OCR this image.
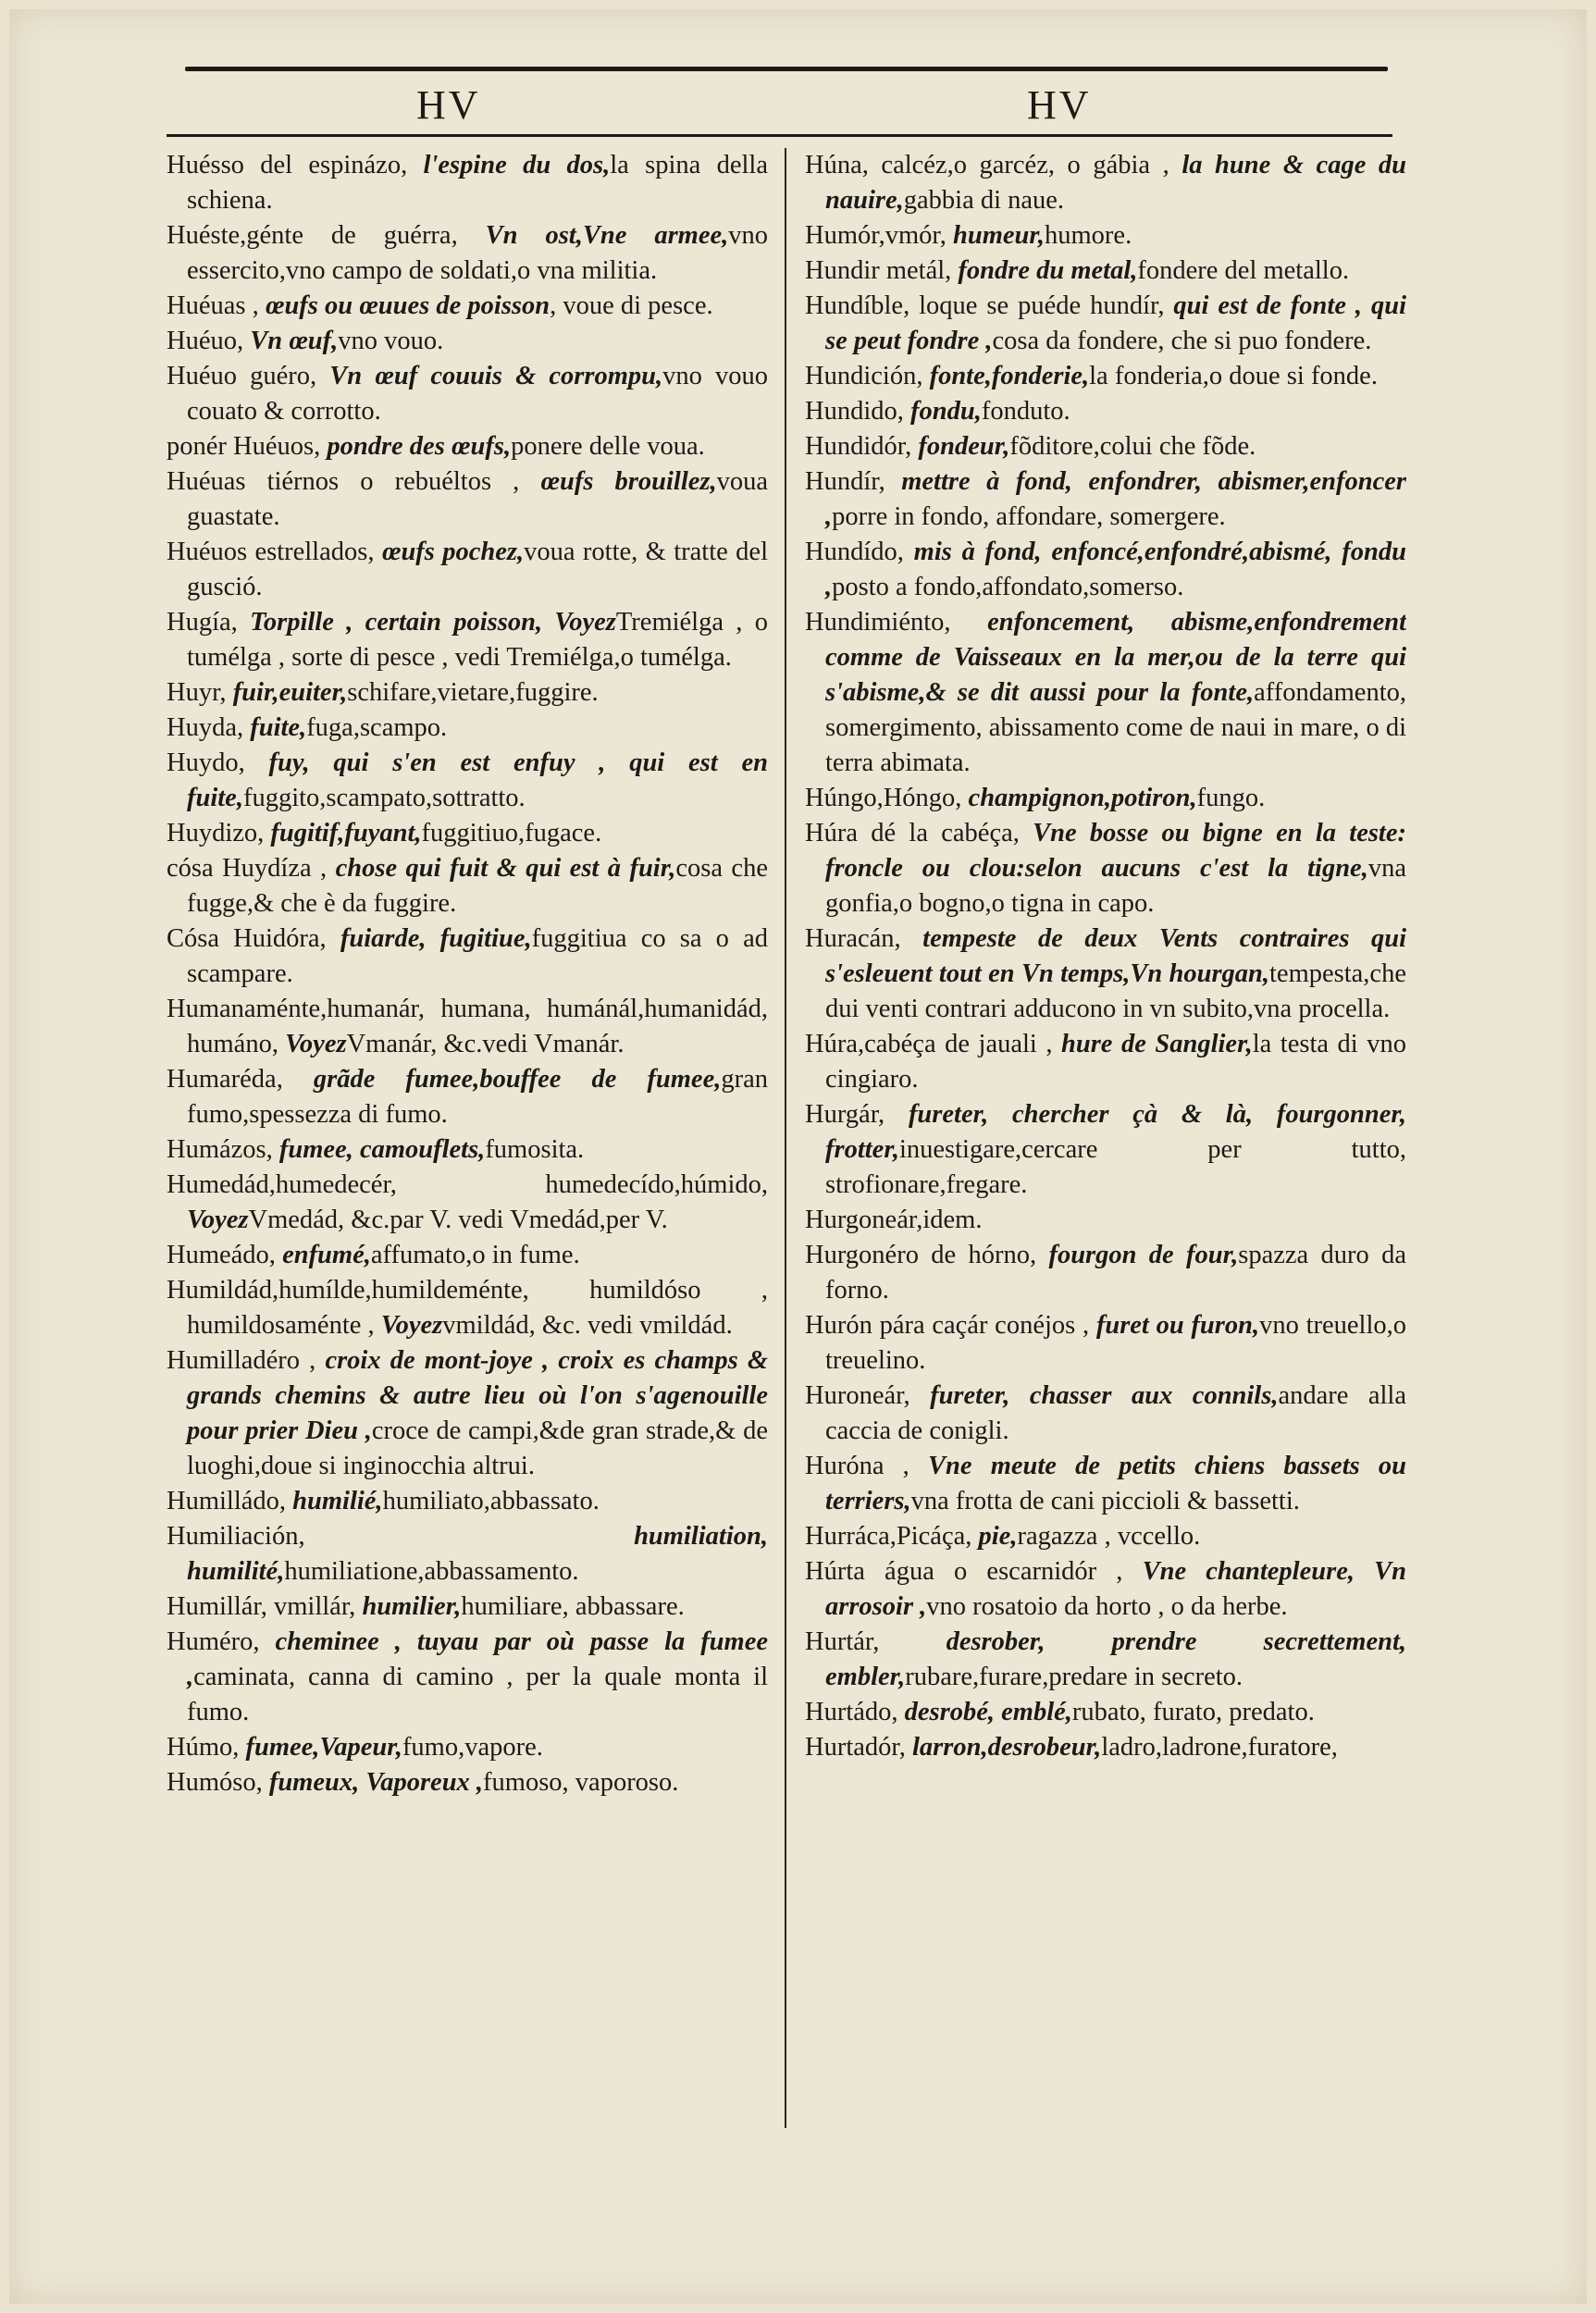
HV	HV

Huésso del espinázo, l'espine du dos,la spina della schiena.

Huéste,génte de guérra, Vn ost,Vne armee,vno essercito,vno campo de soldati,o vna militia.

Huéuas , œufs ou œuues de poisson, voue di pesce.

Huéuo, Vn œuf,vno vouo.

Huéuo guéro, Vn œuf couuis & corrompu,vno vouo couato & corrotto.

ponér Huéuos, pondre des œufs,ponere delle voua.

Huéuas tiérnos o rebuéltos , œufs brouillez,voua guastate.

Huéuos estrellados, œufs pochez,voua rotte, & tratte del gusció.

Hugía, Torpille , certain poisson, VoyezTremiélga , o tumélga , sorte di pesce , vedi Tremiélga,o tumélga.

Huyr, fuir,euiter,schifare,vietare,fuggire.

Huyda, fuite,fuga,scampo.

Huydo, fuy, qui s'en est enfuy , qui est en fuite,fuggito,scampato,sottratto.

Huydizo, fugitif,fuyant,fuggitiuo,fugace.

cósa Huydíza , chose qui fuit & qui est à fuir,cosa che fugge,& che è da fuggire.

Cósa Huidóra, fuiarde, fugitiue,fuggitiua co sa o ad scampare.

Humanaménte,humanár, humana, humánál,humanidád, humáno, VoyezVmanár, &c.vedi Vmanár.

Humaréda, grãde fumee,bouffee de fumee,gran fumo,spessezza di fumo.

Humázos, fumee, camouflets,fumosita.

Humedád,humedecér, humedecído,húmido, VoyezVmedád, &c.par V. vedi Vmedád,per V.

Humeádo, enfumé,affumato,o in fume.

Humildád,humílde,humildeménte, humildóso , humildosaménte , Voyezvmildád, &c. vedi vmildád.

Humilladéro , croix de mont-joye , croix es champs & grands chemins & autre lieu où l'on s'agenouille pour prier Dieu ,croce de campi,&de gran strade,& de luoghi,doue si inginocchia altrui.

Humilládo, humilié,humiliato,abbassato.

Humiliación, humiliation, humilité,humiliatione,abbassamento.

Humillár, vmillár, humilier,humiliare, abbassare.

Huméro, cheminee , tuyau par où passe la fumee ,caminata, canna di camino , per la quale monta il fumo.

Húmo, fumee,Vapeur,fumo,vapore.

Humóso, fumeux, Vaporeux ,fumoso, vaporoso.

Húna, calcéz,o garcéz, o gábia , la hune & cage du nauire,gabbia di naue.

Humór,vmór, humeur,humore.

Hundir metál, fondre du metal,fondere del metallo.

Hundíble, loque se puéde hundír, qui est de fonte , qui se peut fondre ,cosa da fondere, che si puo fondere.

Hundición, fonte,fonderie,la fonderia,o doue si fonde.

Hundido, fondu,fonduto.

Hundidór, fondeur,fõditore,colui che fõde.

Hundír, mettre à fond, enfondrer, abismer,enfoncer ,porre in fondo, affondare, somergere.

Hundído, mis à fond, enfoncé,enfondré,abismé, fondu ,posto a fondo,affondato,somerso.

Hundimiénto, enfoncement, abisme,enfondrement comme de Vaisseaux en la mer,ou de la terre qui s'abisme,& se dit aussi pour la fonte,affondamento, somergimento, abissamento come de naui in mare, o di terra abimata.

Húngo,Hóngo, champignon,potiron,fungo.

Húra dé la cabéça, Vne bosse ou bigne en la teste: froncle ou clou:selon aucuns c'est la tigne,vna gonfia,o bogno,o tigna in capo.

Huracán, tempeste de deux Vents contraires qui s'esleuent tout en Vn temps,Vn hourgan,tempesta,che dui venti contrari adducono in vn subito,vna procella.

Húra,cabéça de jauali , hure de Sanglier,la testa di vno cingiaro.

Hurgár, fureter, chercher çà & là, fourgonner, frotter,inuestigare,cercare per tutto, strofionare,fregare.

Hurgoneár,idem.

Hurgonéro de hórno, fourgon de four,spazza duro da forno.

Hurón pára caçár conéjos , furet ou furon,vno treuello,o treuelino.

Huroneár, fureter, chasser aux connils,andare alla caccia de conigli.

Huróna , Vne meute de petits chiens bassets ou terriers,vna frotta de cani piccioli & bassetti.

Hurráca,Picáça, pie,ragazza , vccello.

Húrta água o escarnidór , Vne chantepleure, Vn arrosoir ,vno rosatoio da horto , o da herbe.

Hurtár, desrober, prendre secrettement, embler,rubare,furare,predare in secreto.

Hurtádo, desrobé, emblé,rubato, furato, predato.

Hurtadór, larron,desrobeur,ladro,ladrone,furatore,
